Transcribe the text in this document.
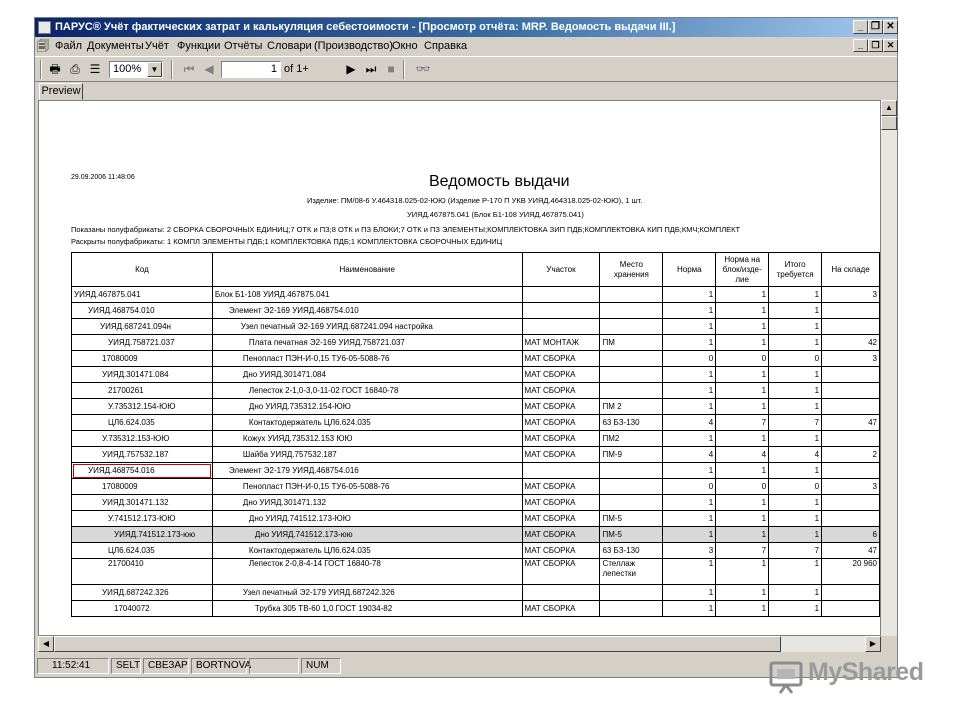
ПАРУС® Учёт фактических затрат и калькуляция себестоимости - [Просмотр отчёта: MRP. Ведомость выдачи III.]	_ ❐ ✕
🗐 Файл Документы Учёт Функции Отчёты Словари (Производство)
Окно Справка	_ ❐ ✕
🖶 ⎙ ☰	100%	▼ ⏮ ◀	1 of 1+	▶ ⏭ ■	👓
Preview
29.09.2006 11:48:06	Ведомость выдачи
Изделие: ПМ/08-6 У.464318.025-02-ЮЮ (Изделие Р-170 П УКВ УИЯД.464318.025-02-ЮЮ), 1 шт.
УИЯД.467875.041 (Блок Б1-108 УИЯД.467875.041)
Показаны полуфабрикаты: 2 СБОРКА СБОРОЧНЫХ ЕДИНИЦ;7 ОТК и ПЗ;8 ОТК и ПЗ БЛОКИ;7 ОТК и ПЗ ЭЛЕМЕНТЫ;КОМПЛЕКТОВКА ЗИП ПДБ;КОМПЛЕКТОВКА КИП ПДБ;КМЧ;КОМПЛЕКТ
Раскрыты полуфабрикаты: 1 КОМПЛ ЭЛЕМЕНТЫ ПДБ;1 КОМПЛЕКТОВКА ПДБ;1 КОМПЛЕКТОВКА СБОРОЧНЫХ ЕДИНИЦ
Код	Наименование	Участок	Место хранения	Норма	Норма на блок/изде-лие	Итого требуется	На складе
УИЯД.467875.041	Блок Б1-108 УИЯД.467875.041			1	1	1	3
УИЯД.468754.010	Элемент Э2-169 УИЯД.468754.010			1	1	1	
УИЯД.687241.094н	Узел печатный Э2-169 УИЯД.687241.094 настройка			1	1	1	
УИЯД.758721.037	Плата печатная Э2-169 УИЯД.758721.037	МАТ МОНТАЖ	ПМ	1	1	1	42
17080009	Пенопласт ПЭН-И-0,15 ТУ6-05-5088-76	МАТ СБОРКА		0	0	0	3
УИЯД.301471.084	Дно УИЯД.301471.084	МАТ СБОРКА		1	1	1	
21700261	Лепесток 2-1,0-3,0-11-02 ГОСТ 16840-78	МАТ СБОРКА		1	1	1	
У.735312.154-ЮЮ	Дно УИЯД.735312.154-ЮЮ	МАТ СБОРКА	ПМ 2	1	1	1	
ЦЛ6.624.035	Контактодержатель ЦЛ6.624.035	МАТ СБОРКА	63 БЗ-130	4	7	7	47
У.735312.153-ЮЮ	Кожух УИЯД.735312.153 ЮЮ	МАТ СБОРКА	ПМ2	1	1	1	
УИЯД.757532.187	Шайба УИЯД.757532.187	МАТ СБОРКА	ПМ-9	4	4	4	2
УИЯД.468754.016	Элемент Э2-179 УИЯД.468754.016			1	1	1	
17080009	Пенопласт ПЭН-И-0,15 ТУ6-05-5088-76	МАТ СБОРКА		0	0	0	3
УИЯД.301471.132	Дно УИЯД.301471.132	МАТ СБОРКА		1	1	1	
У.741512.173-ЮЮ	Дно УИЯД.741512.173-ЮЮ	МАТ СБОРКА	ПМ-5	1	1	1	
УИЯД.741512.173-юю	Дно УИЯД.741512.173-юю	МАТ СБОРКА	ПМ-5	1	1	1	6
ЦЛ6.624.035	Контактодержатель ЦЛ6.624.035	МАТ СБОРКА	63 БЗ-130	3	7	7	47
21700410	Лепесток 2-0,8-4-14 ГОСТ 16840-78	МАТ СБОРКА	Стеллаж лепестки	1	1	1	20 960
УИЯД.687242.326	Узел печатный Э2-179 УИЯД.687242.326			1	1	1	
17040072	Трубка 305 ТВ-60 1,0 ГОСТ 19034-82	МАТ СБОРКА		1	1	1	
▲
◀	▶
11:52:41	SELT СВЕЗАР BORTNOVA	NUM	MyShared
